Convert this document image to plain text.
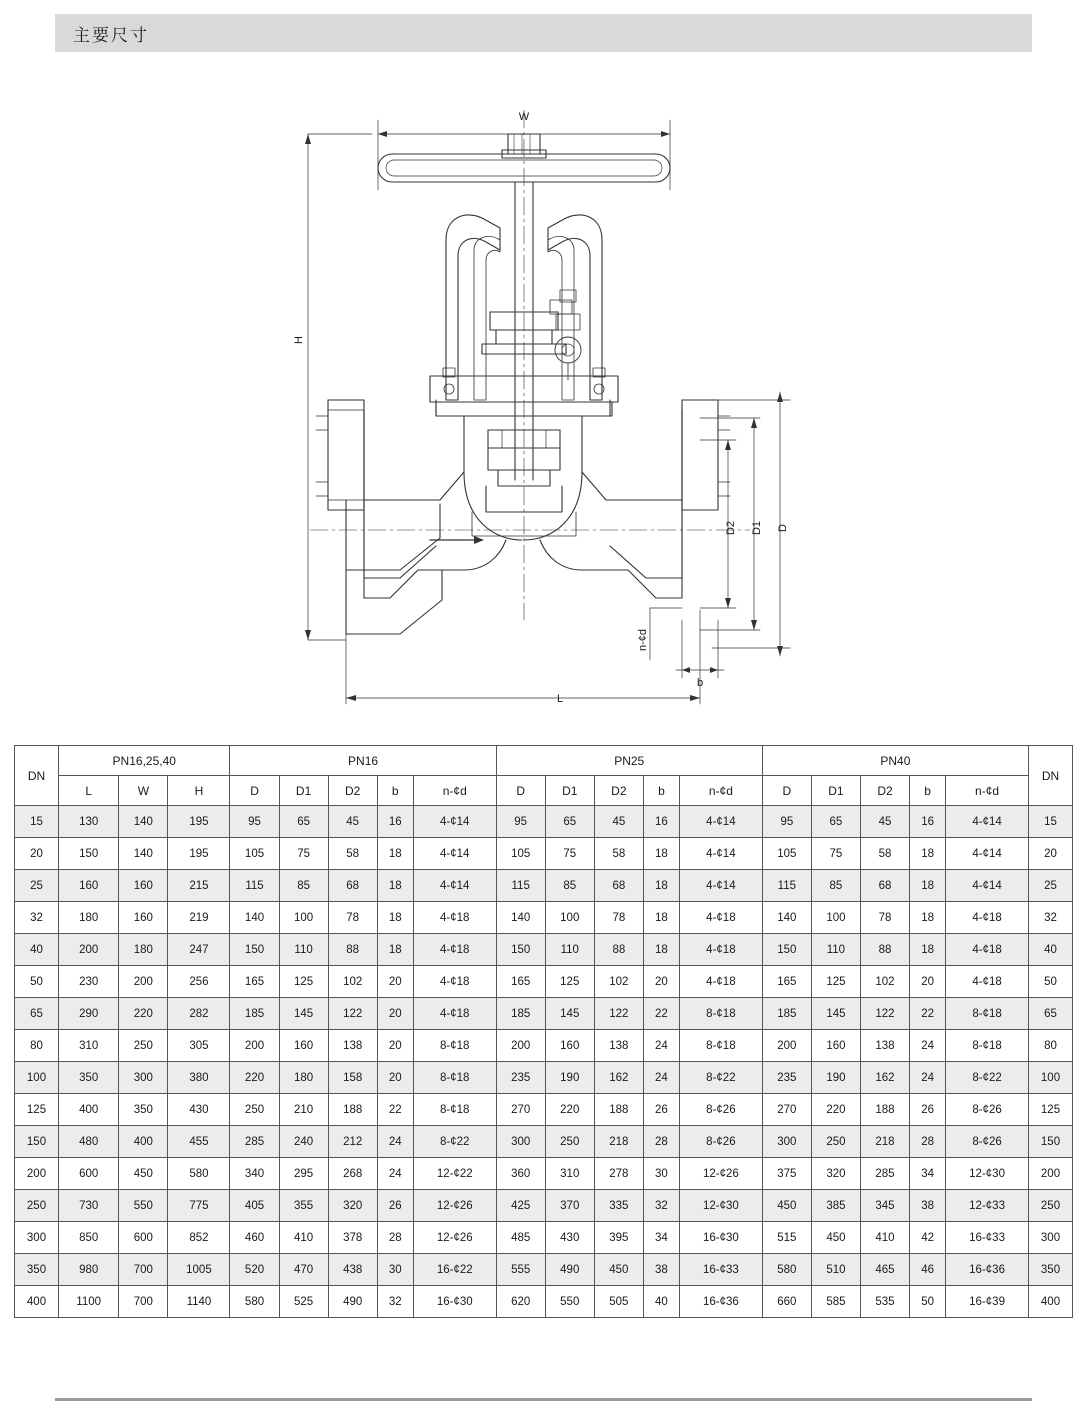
主要尺寸
W
L
H
D
D1
D2
b
n-¢d
DN	PN16,25,40			PN16					PN25					PN40					DN
	L	W	H	D	D1	D2	b	n-¢d	D	D1	D2	b	n-¢d	D	D1	D2	b	n-¢d	
15	130	140	195	95	65	45	16	4-¢14	95	65	45	16	4-¢14	95	65	45	16	4-¢14	15
20	150	140	195	105	75	58	18	4-¢14	105	75	58	18	4-¢14	105	75	58	18	4-¢14	20
25	160	160	215	115	85	68	18	4-¢14	115	85	68	18	4-¢14	115	85	68	18	4-¢14	25
32	180	160	219	140	100	78	18	4-¢18	140	100	78	18	4-¢18	140	100	78	18	4-¢18	32
40	200	180	247	150	110	88	18	4-¢18	150	110	88	18	4-¢18	150	110	88	18	4-¢18	40
50	230	200	256	165	125	102	20	4-¢18	165	125	102	20	4-¢18	165	125	102	20	4-¢18	50
65	290	220	282	185	145	122	20	4-¢18	185	145	122	22	8-¢18	185	145	122	22	8-¢18	65
80	310	250	305	200	160	138	20	8-¢18	200	160	138	24	8-¢18	200	160	138	24	8-¢18	80
100	350	300	380	220	180	158	20	8-¢18	235	190	162	24	8-¢22	235	190	162	24	8-¢22	100
125	400	350	430	250	210	188	22	8-¢18	270	220	188	26	8-¢26	270	220	188	26	8-¢26	125
150	480	400	455	285	240	212	24	8-¢22	300	250	218	28	8-¢26	300	250	218	28	8-¢26	150
200	600	450	580	340	295	268	24	12-¢22	360	310	278	30	12-¢26	375	320	285	34	12-¢30	200
250	730	550	775	405	355	320	26	12-¢26	425	370	335	32	12-¢30	450	385	345	38	12-¢33	250
300	850	600	852	460	410	378	28	12-¢26	485	430	395	34	16-¢30	515	450	410	42	16-¢33	300
350	980	700	1005	520	470	438	30	16-¢22	555	490	450	38	16-¢33	580	510	465	46	16-¢36	350
400	1100	700	1140	580	525	490	32	16-¢30	620	550	505	40	16-¢36	660	585	535	50	16-¢39	400
